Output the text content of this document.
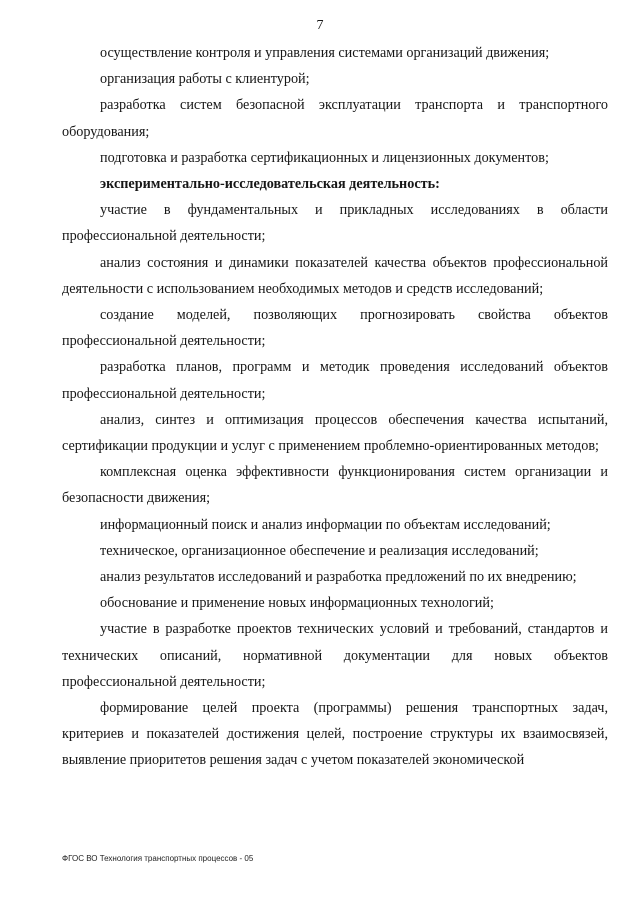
7

осуществление контроля и управления системами организаций движения;

организация работы с клиентурой;

разработка систем безопасной эксплуатации транспорта и транспортного оборудования;

подготовка и разработка сертификационных и лицензионных документов;

экспериментально-исследовательская деятельность:

участие в фундаментальных и прикладных исследованиях в области профессиональной деятельности;

анализ состояния и динамики показателей качества объектов профессиональной деятельности с использованием необходимых методов и средств исследований;

создание моделей, позволяющих прогнозировать свойства объектов профессиональной деятельности;

разработка планов, программ и методик проведения исследований объектов профессиональной деятельности;

анализ, синтез и оптимизация процессов обеспечения качества испытаний, сертификации продукции и услуг с применением проблемно-ориентированных методов;

комплексная оценка эффективности функционирования систем организации и безопасности движения;

информационный поиск и анализ информации по объектам исследований;

техническое, организационное обеспечение и реализация исследований;

анализ результатов исследований и разработка предложений по их внедрению;

обоснование и применение новых информационных технологий;

участие в разработке проектов технических условий и требований, стандартов и технических описаний, нормативной документации для новых объектов профессиональной деятельности;

формирование целей проекта (программы) решения транспортных задач, критериев и показателей достижения целей, построение структуры их взаимосвязей, выявление приоритетов решения задач с учетом показателей экономической

ФГОС ВО Технология транспортных процессов - 05
